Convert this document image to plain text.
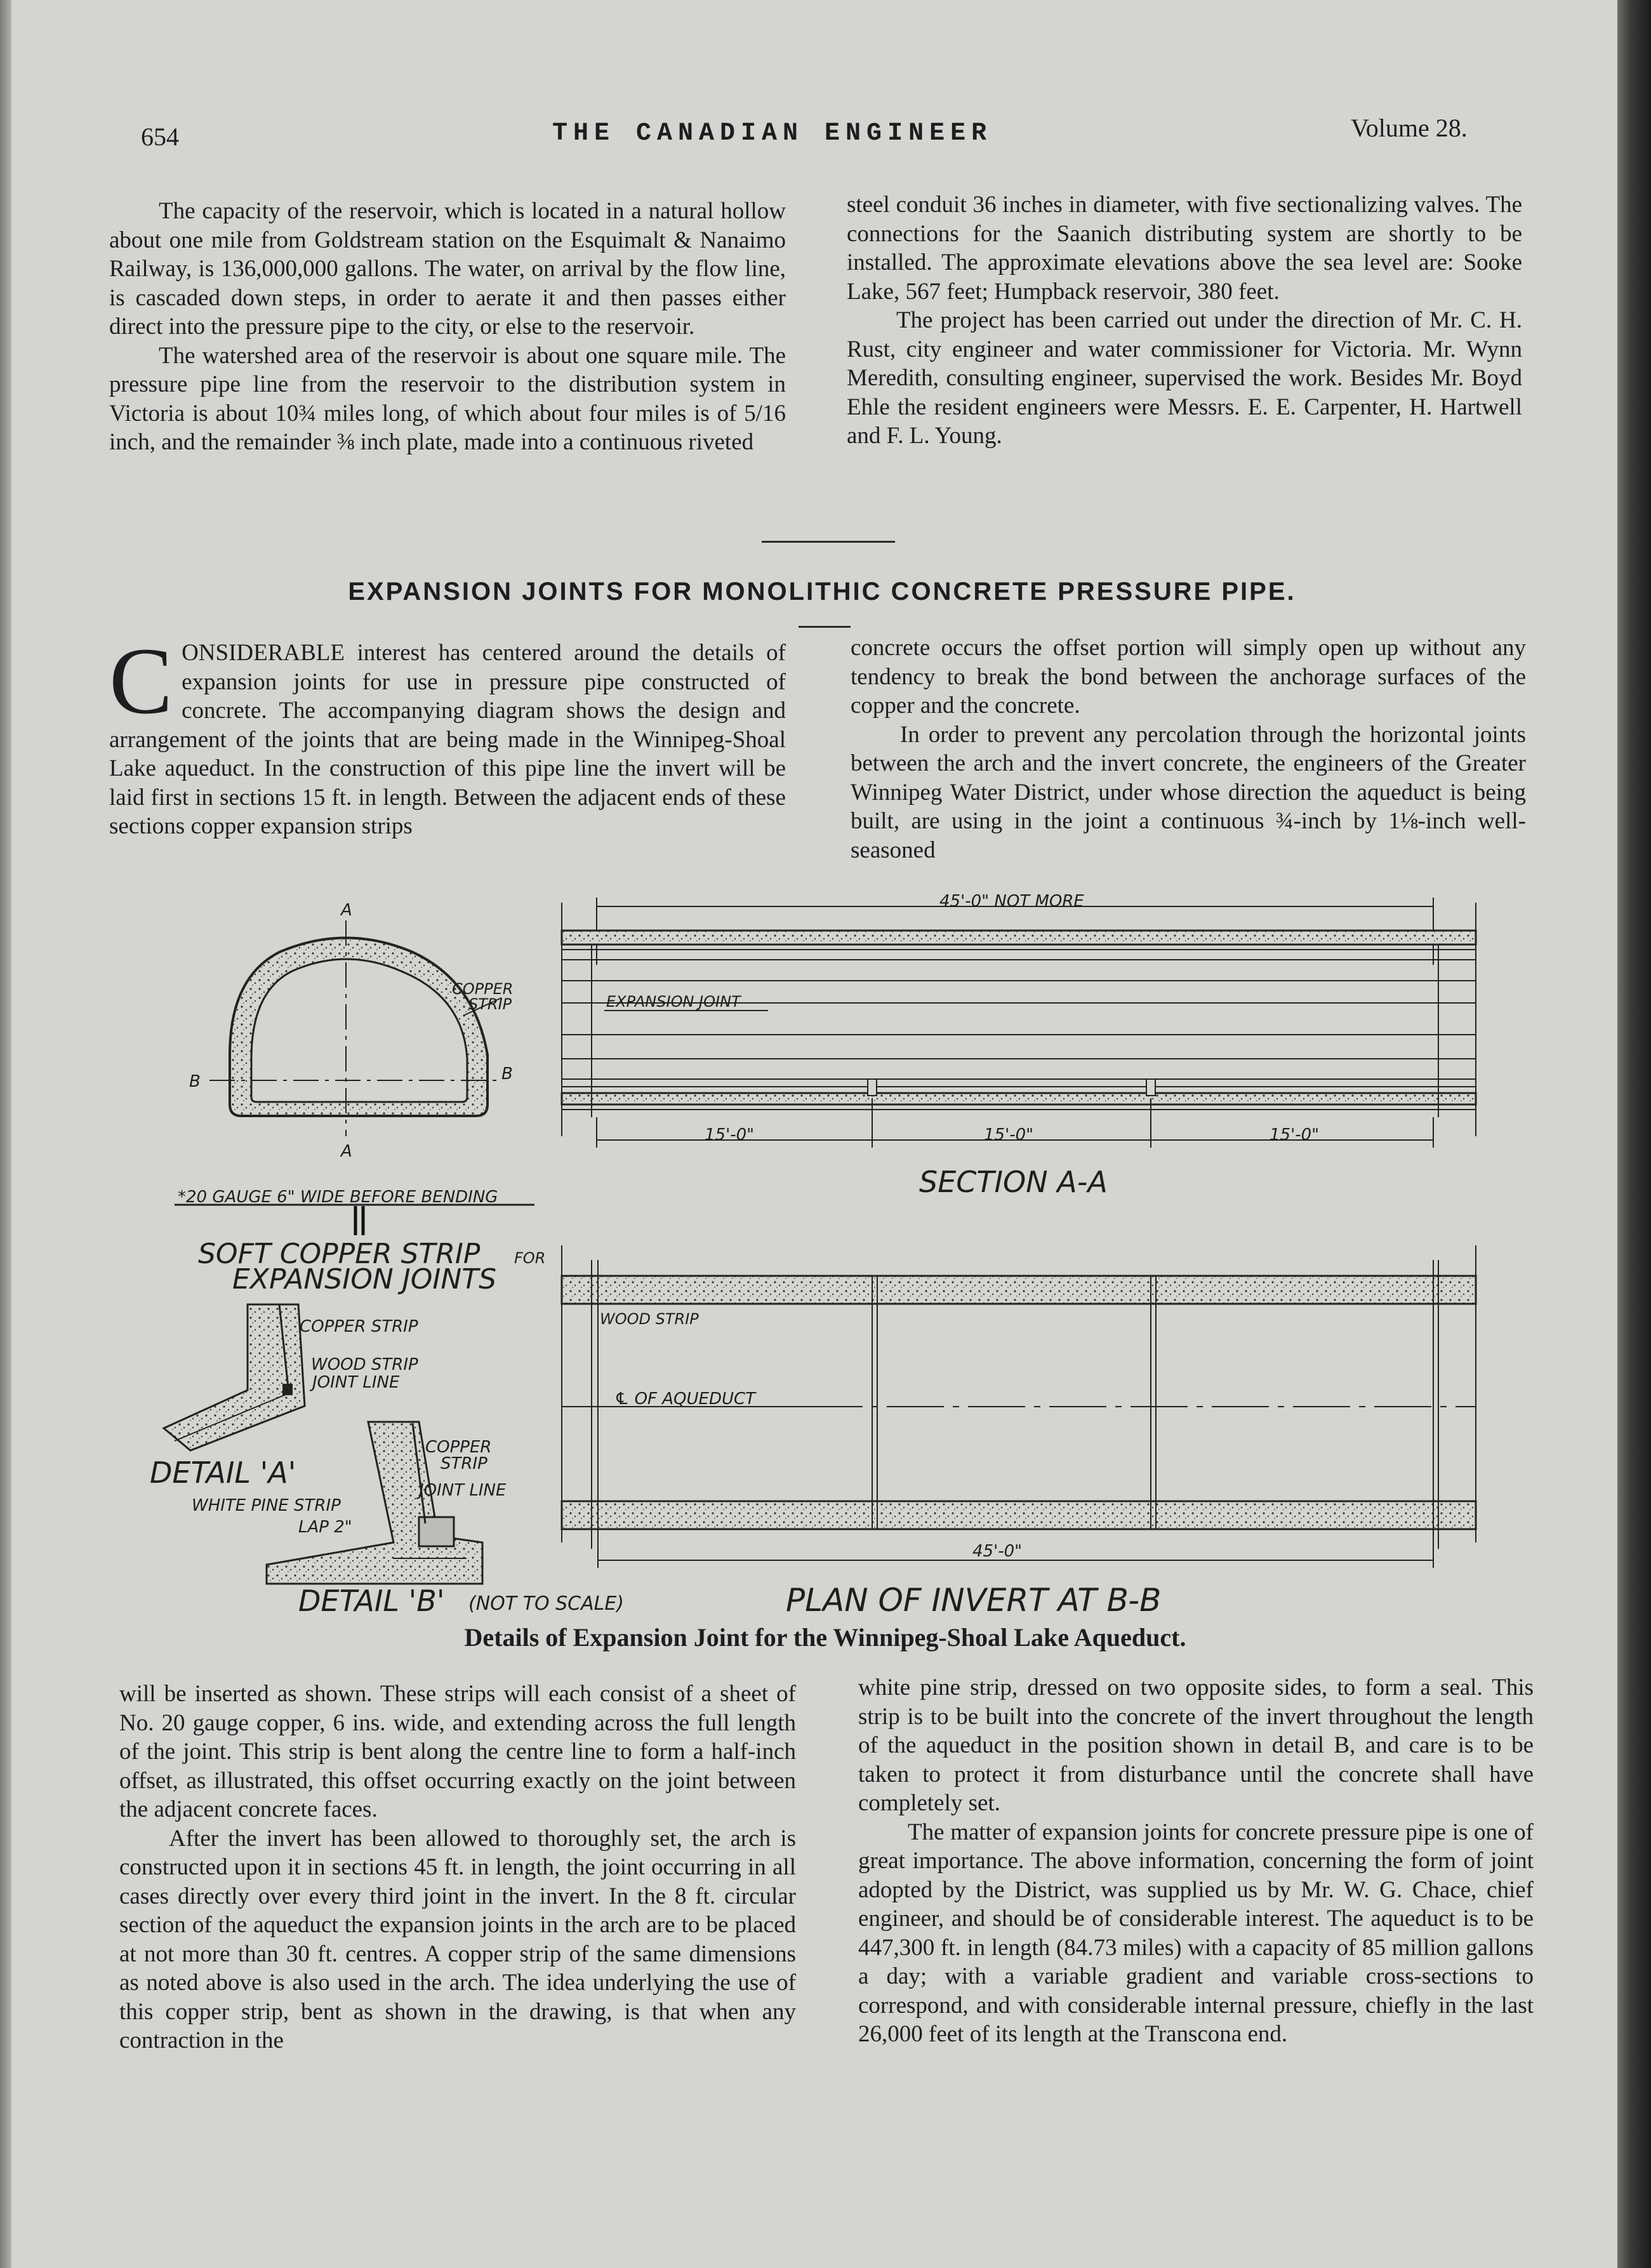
654	THE CANADIAN ENGINEER	Volume 28.

The capacity of the reservoir, which is located in a natural hollow about one mile from Goldstream station on the Esquimalt & Nanaimo Railway, is 136,000,000 gallons. The water, on arrival by the flow line, is cascaded down steps, in order to aerate it and then passes either direct into the pressure pipe to the city, or else to the reservoir.

The watershed area of the reservoir is about one square mile. The pressure pipe line from the reservoir to the distribution system in Victoria is about 10¾ miles long, of which about four miles is of 5/16 inch, and the remainder ⅜ inch plate, made into a continuous riveted

steel conduit 36 inches in diameter, with five sectionalizing valves. The connections for the Saanich distributing system are shortly to be installed. The approximate elevations above the sea level are: Sooke Lake, 567 feet; Humpback reservoir, 380 feet.

The project has been carried out under the direction of Mr. C. H. Rust, city engineer and water commissioner for Victoria. Mr. Wynn Meredith, consulting engineer, supervised the work. Besides Mr. Boyd Ehle the resident engineers were Messrs. E. E. Carpenter, H. Hartwell and F. L. Young.

EXPANSION JOINTS FOR MONOLITHIC CONCRETE PRESSURE PIPE.

CONSIDERABLE interest has centered around the details of expansion joints for use in pressure pipe constructed of concrete. The accompanying diagram shows the design and arrangement of the joints that are being made in the Winnipeg-Shoal Lake aqueduct. In the construction of this pipe line the invert will be laid first in sections 15 ft. in length. Between the adjacent ends of these sections copper expansion strips

concrete occurs the offset portion will simply open up without any tendency to break the bond between the anchorage surfaces of the copper and the concrete.

In order to prevent any percolation through the horizontal joints between the arch and the invert concrete, the engineers of the Greater Winnipeg Water District, under whose direction the aqueduct is being built, are using in the joint a continuous ¾-inch by 1⅛-inch well-seasoned

A
A
B	B
COPPER
STRIP
*20 GAUGE 6" WIDE BEFORE BENDING
SOFT COPPER STRIP FOR
EXPANSION JOINTS
COPPER STRIP
WOOD STRIP
JOINT LINE
DETAIL 'A'
COPPER
STRIP
JOINT LINE
WHITE PINE STRIP
LAP 2"
DETAIL 'B' (NOT TO SCALE)
45'-0" NOT MORE
EXPANSION JOINT
15'-0"	15'-0"	15'-0"
SECTION A-A
WOOD STRIP
℄ OF AQUEDUCT
45'-0"
PLAN OF INVERT AT B-B
Details of Expansion Joint for the Winnipeg-Shoal Lake Aqueduct.

will be inserted as shown. These strips will each consist of a sheet of No. 20 gauge copper, 6 ins. wide, and extending across the full length of the joint. This strip is bent along the centre line to form a half-inch offset, as illustrated, this offset occurring exactly on the joint between the adjacent concrete faces.

After the invert has been allowed to thoroughly set, the arch is constructed upon it in sections 45 ft. in length, the joint occurring in all cases directly over every third joint in the invert. In the 8 ft. circular section of the aqueduct the expansion joints in the arch are to be placed at not more than 30 ft. centres. A copper strip of the same dimensions as noted above is also used in the arch. The idea underlying the use of this copper strip, bent as shown in the drawing, is that when any contraction in the

white pine strip, dressed on two opposite sides, to form a seal. This strip is to be built into the concrete of the invert throughout the length of the aqueduct in the position shown in detail B, and care is to be taken to protect it from disturbance until the concrete shall have completely set.

The matter of expansion joints for concrete pressure pipe is one of great importance. The above information, concerning the form of joint adopted by the District, was supplied us by Mr. W. G. Chace, chief engineer, and should be of considerable interest. The aqueduct is to be 447,300 ft. in length (84.73 miles) with a capacity of 85 million gallons a day; with a variable gradient and variable cross-sections to correspond, and with considerable internal pressure, chiefly in the last 26,000 feet of its length at the Transcona end.
